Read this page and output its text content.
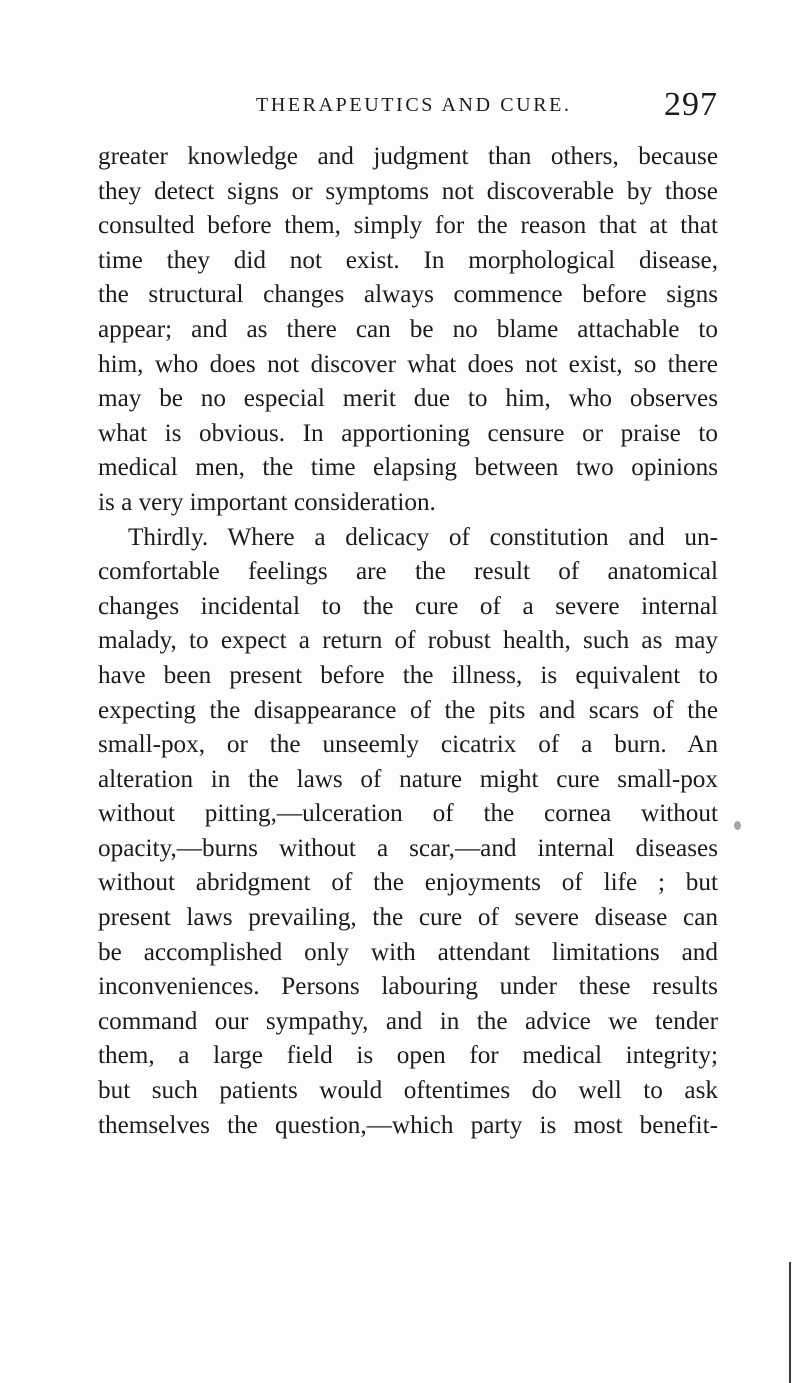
THERAPEUTICS AND CURE.	297
greater knowledge and judgment than others, because
they detect signs or symptoms not discoverable by those
consulted before them, simply for the reason that at that
time they did not exist. In morphological disease,
the structural changes always commence before signs
appear; and as there can be no blame attachable to
him, who does not discover what does not exist, so there
may be no especial merit due to him, who observes
what is obvious. In apportioning censure or praise to
medical men, the time elapsing between two opinions
is a very important consideration.
Thirdly. Where a delicacy of constitution and un-
comfortable feelings are the result of anatomical
changes incidental to the cure of a severe internal
malady, to expect a return of robust health, such as may
have been present before the illness, is equivalent to
expecting the disappearance of the pits and scars of the
small-pox, or the unseemly cicatrix of a burn. An
alteration in the laws of nature might cure small-pox
without pitting,—ulceration of the cornea without
opacity,—burns without a scar,—and internal diseases
without abridgment of the enjoyments of life ; but
present laws prevailing, the cure of severe disease can
be accomplished only with attendant limitations and
inconveniences. Persons labouring under these results
command our sympathy, and in the advice we tender
them, a large field is open for medical integrity;
but such patients would oftentimes do well to ask
themselves the question,—which party is most benefit-
